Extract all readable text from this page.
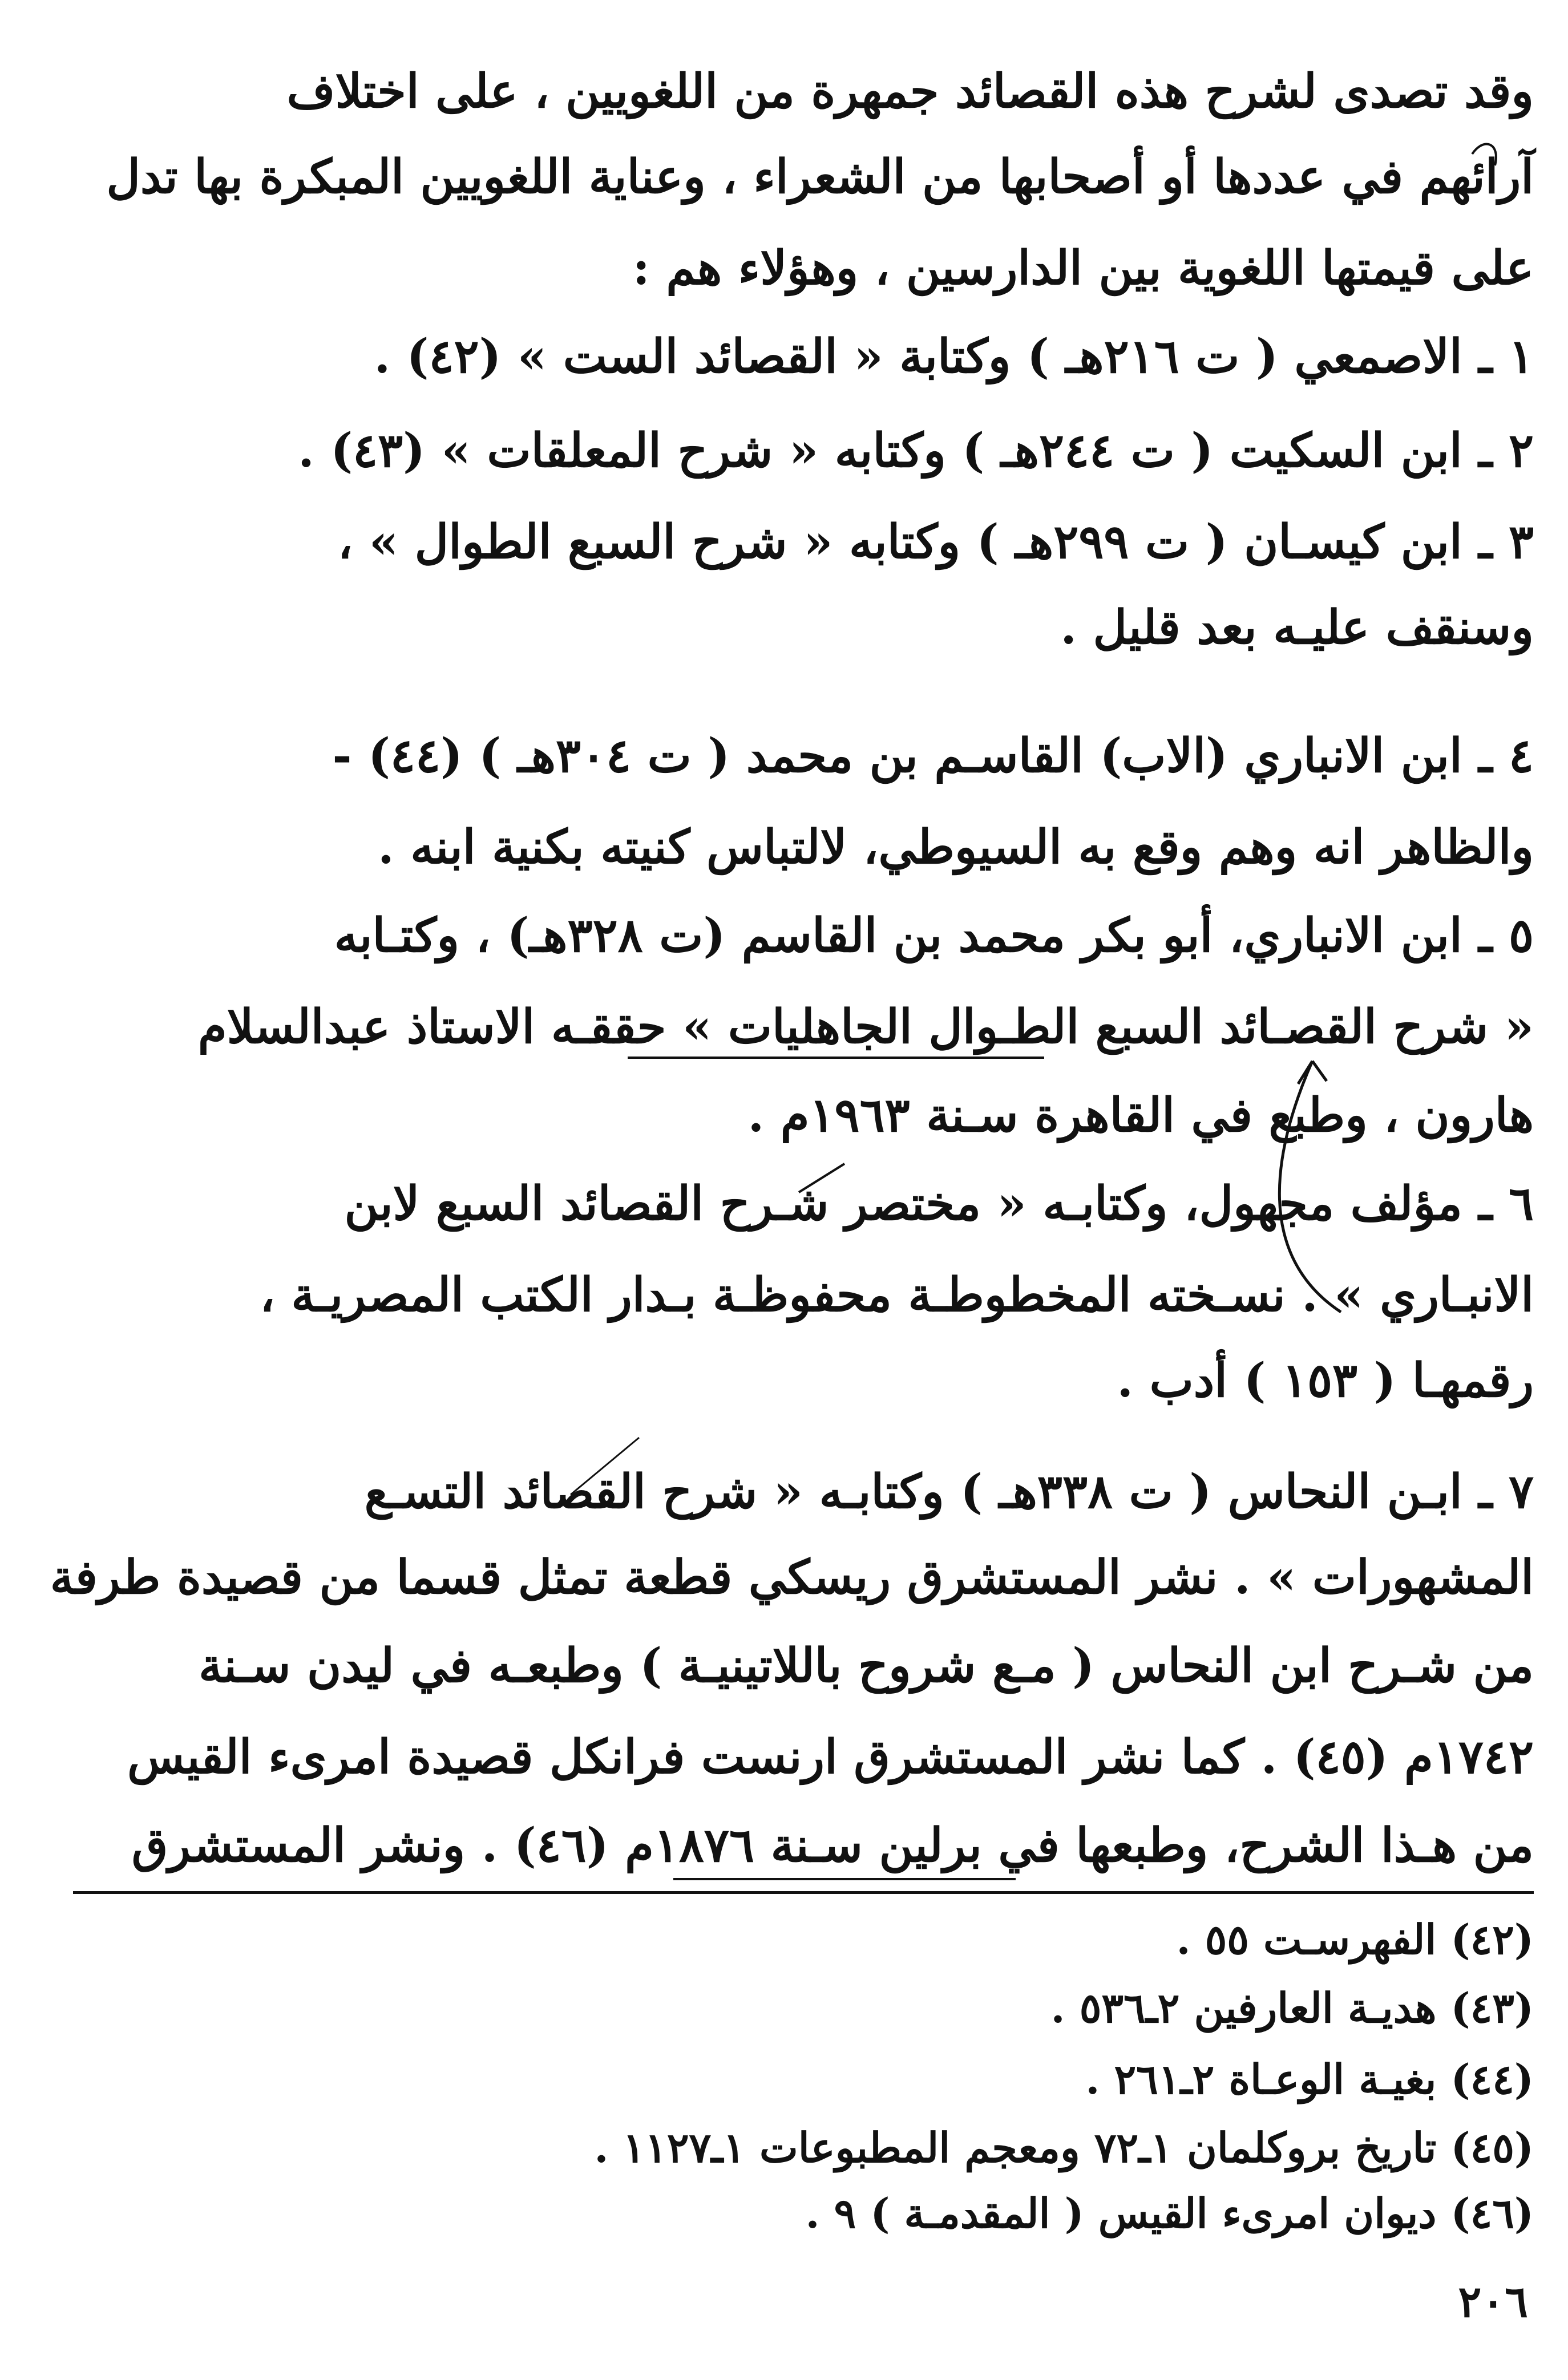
وقد تصدى لشرح هذه القصائد جمهرة من اللغويين ، على اختلاف
آرائهم في عددها أو أصحابها من الشعراء ، وعناية اللغويين المبكرة بها تدل
على قيمتها اللغوية بين الدارسين ، وهؤلاء هم :
١ ـ الاصمعي ( ت ٢١٦هـ ) وكتابة « القصائد الست » (٤٢) .
٢ ـ ابن السكيت ( ت ٢٤٤هـ ) وكتابه « شرح المعلقات » (٤٣) .
٣ ـ ابن كيسـان ( ت ٢٩٩هـ ) وكتابه « شرح السبع الطوال » ،
وسنقف عليـه بعد قليل .
٤ ـ ابن الانباري (الاب) القاسـم بن محمد ( ت ٣٠٤هـ ) (٤٤) -
والظاهر انه وهم وقع به السيوطي، لالتباس كنيته بكنية ابنه .
٥ ـ ابن الانباري، أبو بكر محمد بن القاسم (ت ٣٢٨هـ) ، وكتـابه
« شرح القصـائد السبع الطـوال الجاهليات » حققـه الاستاذ عبدالسلام
هارون ، وطبع في القاهرة سـنة ١٩٦٣م .
٦ ـ مؤلف مجهول، وكتابـه « مختصر شـرح القصائد السبع لابن
الانبـاري » . نسـخته المخطوطـة محفوظـة بـدار الكتب المصريـة ،
رقمهـا ( ١٥٣ ) أدب .
٧ ـ ابـن النحاس ( ت ٣٣٨هـ ) وكتابـه « شرح القصائد التسـع
المشهورات » . نشر المستشرق ريسكي قطعة تمثل قسما من قصيدة طرفة
من شـرح ابن النحاس ( مـع شروح باللاتينيـة ) وطبعـه في ليدن سـنة
١٧٤٢م (٤٥) . كما نشر المستشرق ارنست فرانكل قصيدة امرىء القيس
من هـذا الشرح، وطبعها في برلين سـنة ١٨٧٦م (٤٦) . ونشر المستشرق
(٤٢) الفهرسـت ٥٥ .
(٤٣) هديـة العارفين ٢ـ٥٣٦ .
(٤٤) بغيـة الوعـاة ٢ـ٢٦١ .
(٤٥) تاريخ بروكلمان ١ـ٧٢ ومعجم المطبوعات ١ـ١١٢٧ .
(٤٦) ديوان امرىء القيس ( المقدمـة ) ٩ .
٢٠٦
